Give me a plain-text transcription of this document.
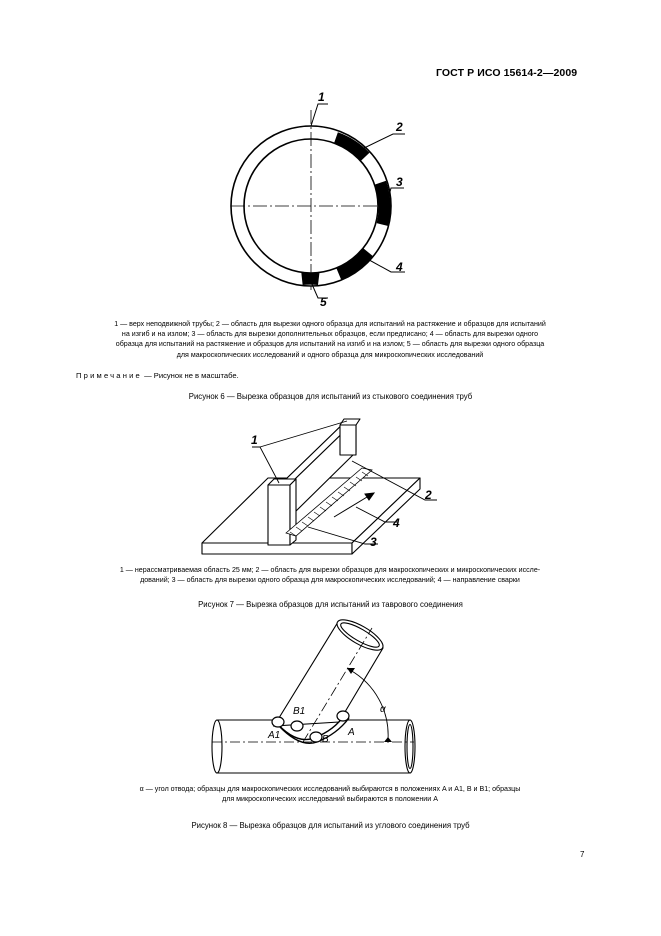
ГОСТ Р ИСО 15614-2—2009
1
2
3
4
5
1 — верх неподвижной трубы; 2 — область для вырезки одного образца для испытаний на растяжение и образцов для испытаний
на изгиб и на излом; 3 — область для вырезки дополнительных образцов, если предписано; 4 — область для вырезки одного
образца для испытаний на растяжение и образцов для испытаний на изгиб и на излом; 5 — область для вырезки одного образца
для макроскопических исследований и одного образца для микроскопических исследований
Примечание — Рисунок не в масштабе.
Рисунок 6 — Вырезка образцов для испытаний из стыкового соединения труб
1
2
3
4
1 — нерассматриваемая область 25 мм; 2 — область для вырезки образцов для макроскопических и микроскопических иссле-
дований; 3 — область для вырезки одного образца для макроскопических исследований; 4 — направление сварки
Рисунок 7 — Вырезка образцов для испытаний из таврового соединения
α
B1
A1	B
A
α — угол отвода; образцы для макроскопических исследований выбираются в положениях A и A1, B и B1; образцы
для микроскопических исследований выбираются в положении A
Рисунок 8 — Вырезка образцов для испытаний из углового соединения труб
7
